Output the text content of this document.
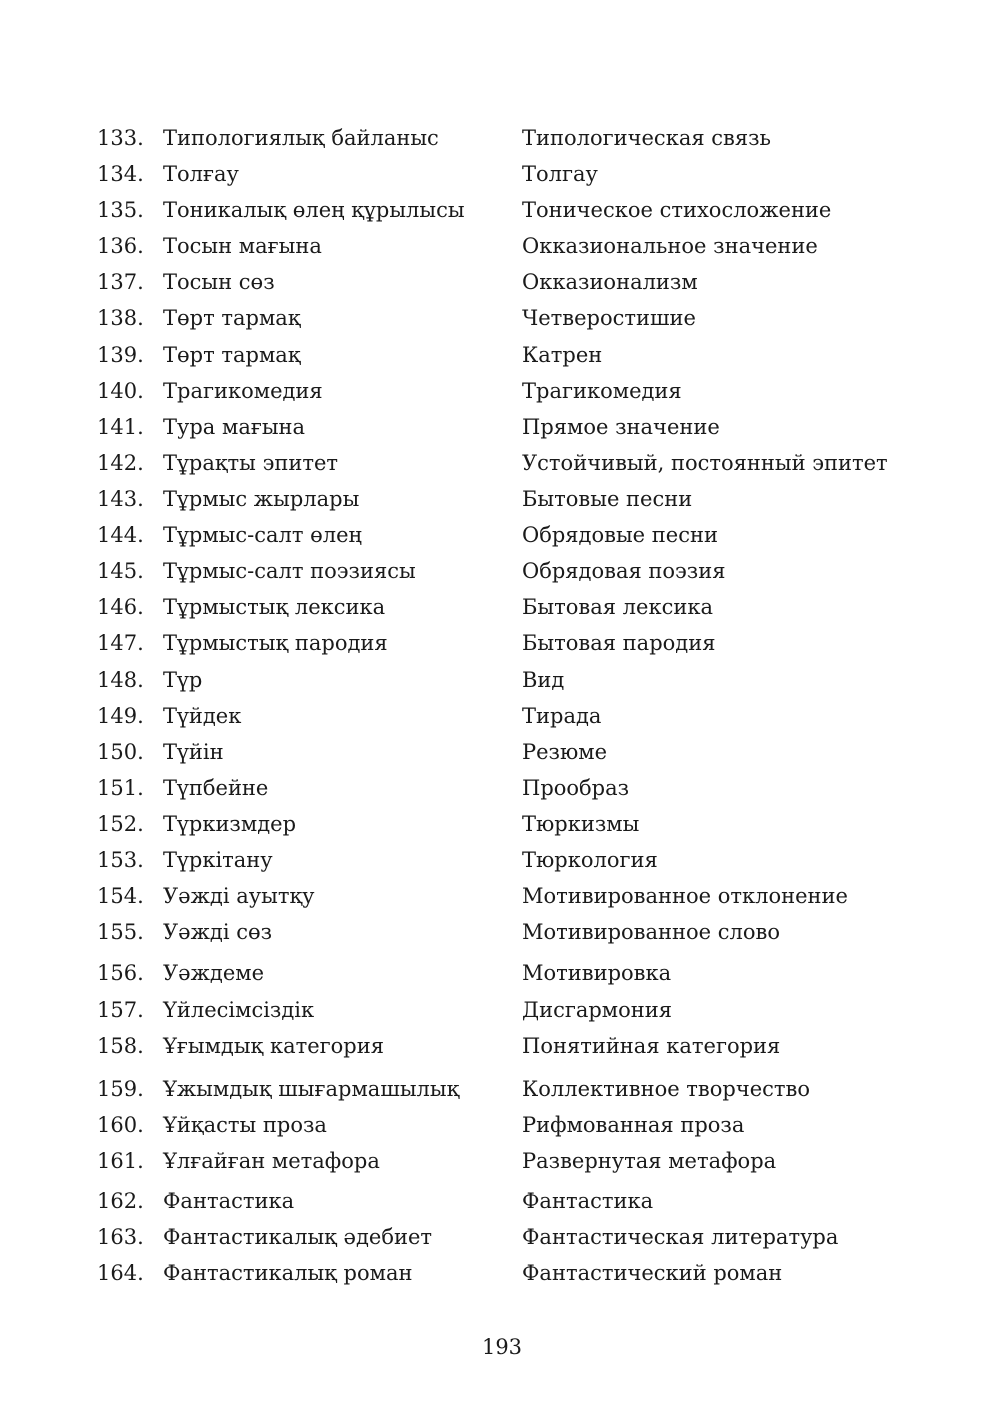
133. Типологиялық байланыс	Типологическая связь
134. Толғау	Толгау
135. Тоникалық өлең құрылысы	Тоническое стихосложение
136. Тосын мағына	Окказиональное значение
137. Тосын сөз	Окказионализм
138. Төрт тармақ	Четверостишие
139. Төрт тармақ	Катрен
140. Трагикомедия	Трагикомедия
141. Тура мағына	Прямое значение
142. Тұрақты эпитет	Устойчивый, постоянный эпитет
143. Тұрмыс жырлары	Бытовые песни
144. Тұрмыс-салт өлең	Обрядовые песни
145. Тұрмыс-салт поэзиясы	Обрядовая поэзия
146. Тұрмыстық лексика	Бытовая лексика
147. Тұрмыстық пародия	Бытовая пародия
148. Түр	Вид
149. Түйдек	Тирада
150. Түйін	Резюме
151. Түпбейне	Прообраз
152. Түркизмдер	Тюркизмы
153. Түркітану	Тюркология
154. Уәжді ауытқу	Мотивированное отклонение
155. Уәжді сөз	Мотивированное слово
156. Уәждеме	Мотивировка
157. Үйлесімсіздік	Дисгармония
158. Ұғымдық категория	Понятийная категория
159. Ұжымдық шығармашылық	Коллективное творчество
160. Ұйқасты проза	Рифмованная проза
161. Ұлғайған метафора	Развернутая метафора
162. Фантастика	Фантастика
163. Фантастикалық әдебиет	Фантастическая литература
164. Фантастикалық роман	Фантастический роман
193
